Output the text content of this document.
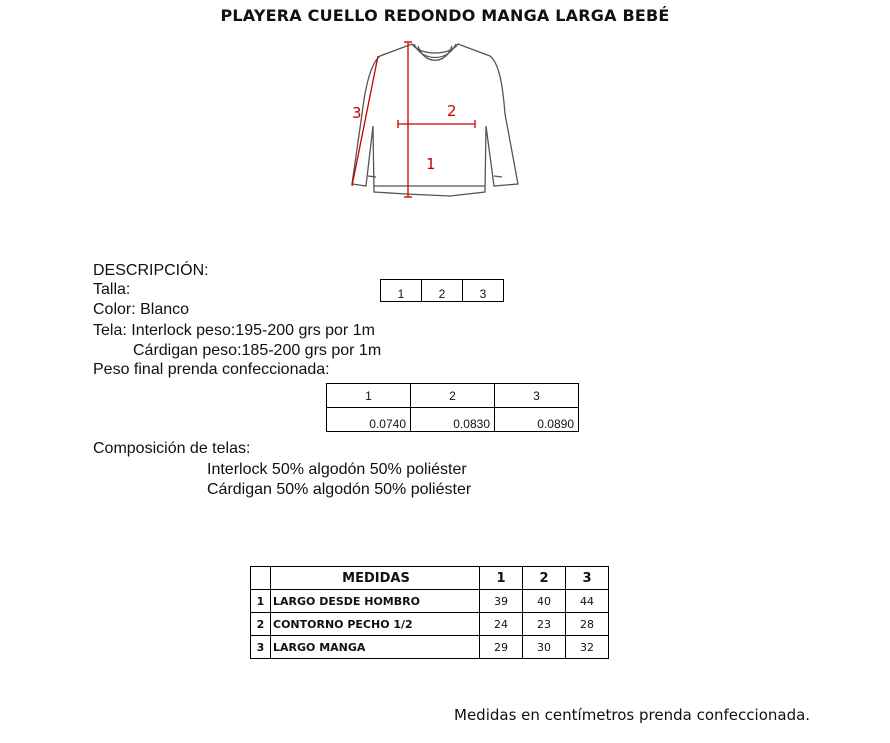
PLAYERA CUELLO REDONDO MANGA LARGA BEBÉ
1
2
3
DESCRIPCIÓN:
Talla:
Color: Blanco
Tela: Interlock peso:195-200 grs por 1m
Cárdigan peso:185-200 grs por 1m
Peso final prenda confeccionada:
1	2	3
1	2	3
0.0740	0.0830	0.0890
Composición de telas:
Interlock 50% algodón 50% poliéster
Cárdigan 50% algodón 50% poliéster
	MEDIDAS	1	2	3
1	LARGO DESDE HOMBRO	39	40	44
2	CONTORNO PECHO 1/2	24	23	28
3	LARGO MANGA	29	30	32
Medidas en centímetros prenda confeccionada.
